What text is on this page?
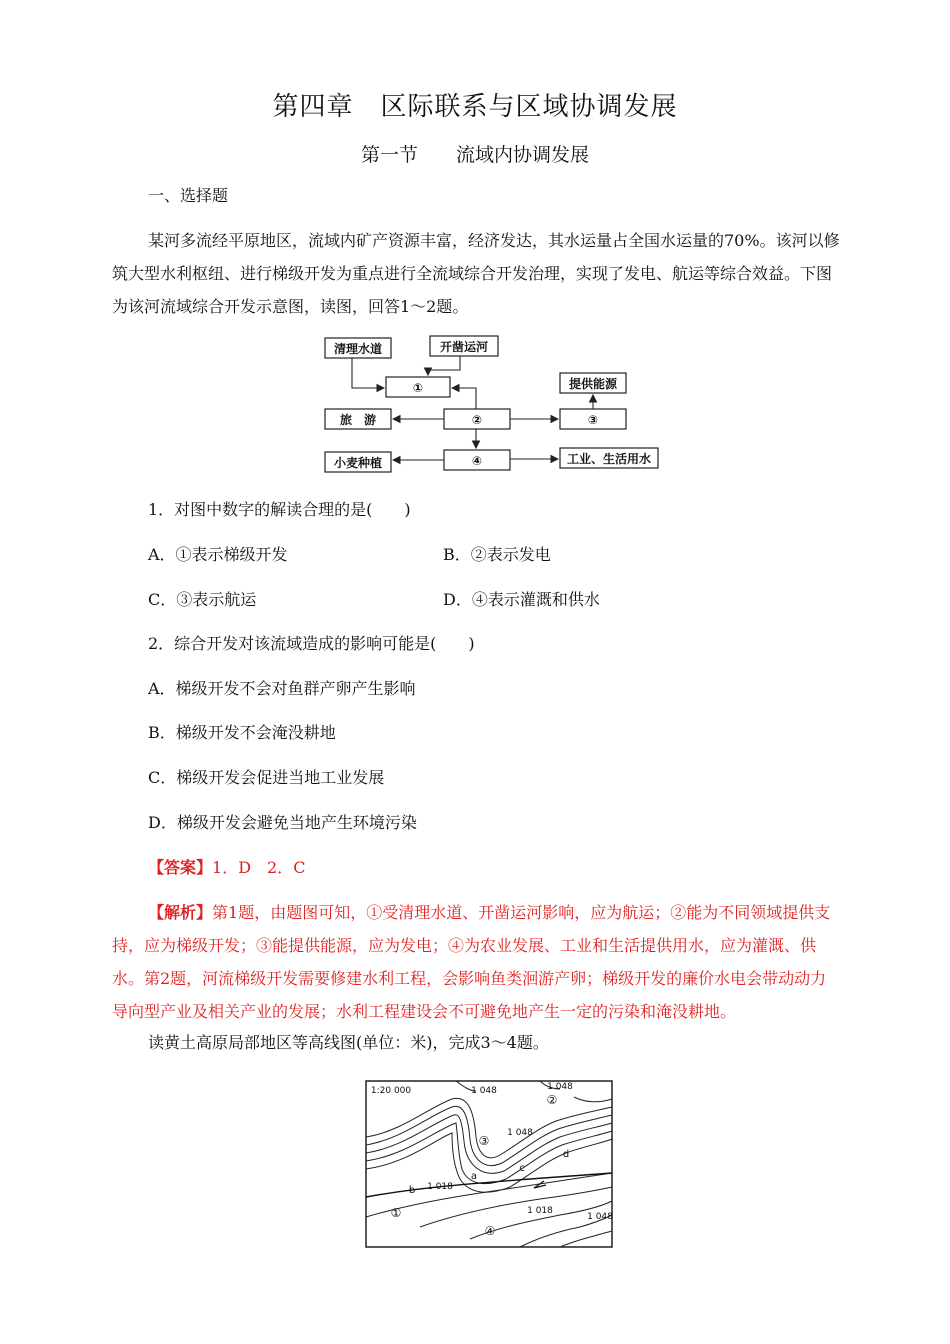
第四章　区际联系与区域协调发展
第一节　　流域内协调发展
一、选择题
某河多流经平原地区，流域内矿产资源丰富，经济发达，其水运量占全国水运量的70%。该河以修筑大型水利枢纽、进行梯级开发为重点进行全流域综合开发治理，实现了发电、航运等综合效益。下图为该河流域综合开发示意图，读图，回答1～2题。
清理水道	开凿运河
①	提供能源
旅　游	②	③
小麦种植	④	工业、生活用水
1．对图中数字的解读合理的是(　　)
A．①表示梯级开发	B．②表示发电
C．③表示航运	D．④表示灌溉和供水
2．综合开发对该流域造成的影响可能是(　　)
A．梯级开发不会对鱼群产卵产生影响
B．梯级开发不会淹没耕地
C．梯级开发会促进当地工业发展
D．梯级开发会避免当地产生环境污染
【答案】1．D　2．C
【解析】第1题，由题图可知，①受清理水道、开凿运河影响，应为航运；②能为不同领域提供支持，应为梯级开发；③能提供能源，应为发电；④为农业发展、工业和生活提供用水，应为灌溉、供水。第2题，河流梯级开发需要修建水利工程，会影响鱼类洄游产卵；梯级开发的廉价水电会带动动力导向型产业及相关产业的发展；水利工程建设会不可避免地产生一定的污染和淹没耕地。
读黄土高原局部地区等高线图(单位：米)，完成3～4题。
1:20 000	1 048	1 048
1 048
1 048
1 018
1 018
①
②
③
④
a
b
c
d
